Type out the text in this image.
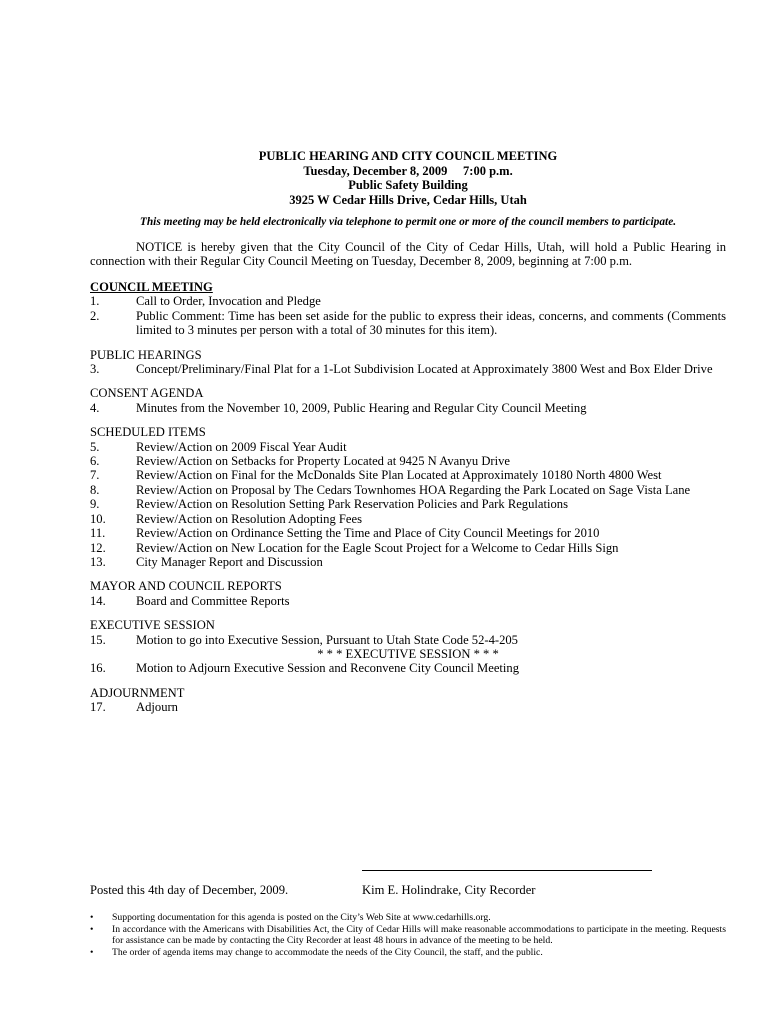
PUBLIC HEARING AND CITY COUNCIL MEETING
Tuesday, December 8, 2009     7:00 p.m.
Public Safety Building
3925 W Cedar Hills Drive, Cedar Hills, Utah
This meeting may be held electronically via telephone to permit one or more of the council members to participate.
NOTICE is hereby given that the City Council of the City of Cedar Hills, Utah, will hold a Public Hearing in connection with their Regular City Council Meeting on Tuesday, December 8, 2009, beginning at 7:00 p.m.
COUNCIL MEETING
1.	Call to Order, Invocation and Pledge
2.	Public Comment: Time has been set aside for the public to express their ideas, concerns, and comments (Comments limited to 3 minutes per person with a total of 30 minutes for this item).
PUBLIC HEARINGS
3.	Concept/Preliminary/Final Plat for a 1-Lot Subdivision Located at Approximately 3800 West and Box Elder Drive
CONSENT AGENDA
4.	Minutes from the November 10, 2009, Public Hearing and Regular City Council Meeting
SCHEDULED ITEMS
5.	Review/Action on 2009 Fiscal Year Audit
6.	Review/Action on Setbacks for Property Located at 9425 N Avanyu Drive
7.	Review/Action on Final for the McDonalds Site Plan Located at Approximately 10180 North 4800 West
8.	Review/Action on Proposal by The Cedars Townhomes HOA Regarding the Park Located on Sage Vista Lane
9.	Review/Action on Resolution Setting Park Reservation Policies and Park Regulations
10.	Review/Action on Resolution Adopting Fees
11.	Review/Action on Ordinance Setting the Time and Place of City Council Meetings for 2010
12.	Review/Action on New Location for the Eagle Scout Project for a Welcome to Cedar Hills Sign
13.	City Manager Report and Discussion
MAYOR AND COUNCIL REPORTS
14.	Board and Committee Reports
EXECUTIVE SESSION
15.	Motion to go into Executive Session, Pursuant to Utah State Code 52-4-205
* * * EXECUTIVE SESSION * * *
16.	Motion to Adjourn Executive Session and Reconvene City Council Meeting
ADJOURNMENT
17.	Adjourn
Posted this 4th day of December, 2009.	Kim E. Holindrake, City Recorder
•	Supporting documentation for this agenda is posted on the City’s Web Site at www.cedarhills.org.
•	In accordance with the Americans with Disabilities Act, the City of Cedar Hills will make reasonable accommodations to participate in the meeting. Requests for assistance can be made by contacting the City Recorder at least 48 hours in advance of the meeting to be held.
•	The order of agenda items may change to accommodate the needs of the City Council, the staff, and the public.
